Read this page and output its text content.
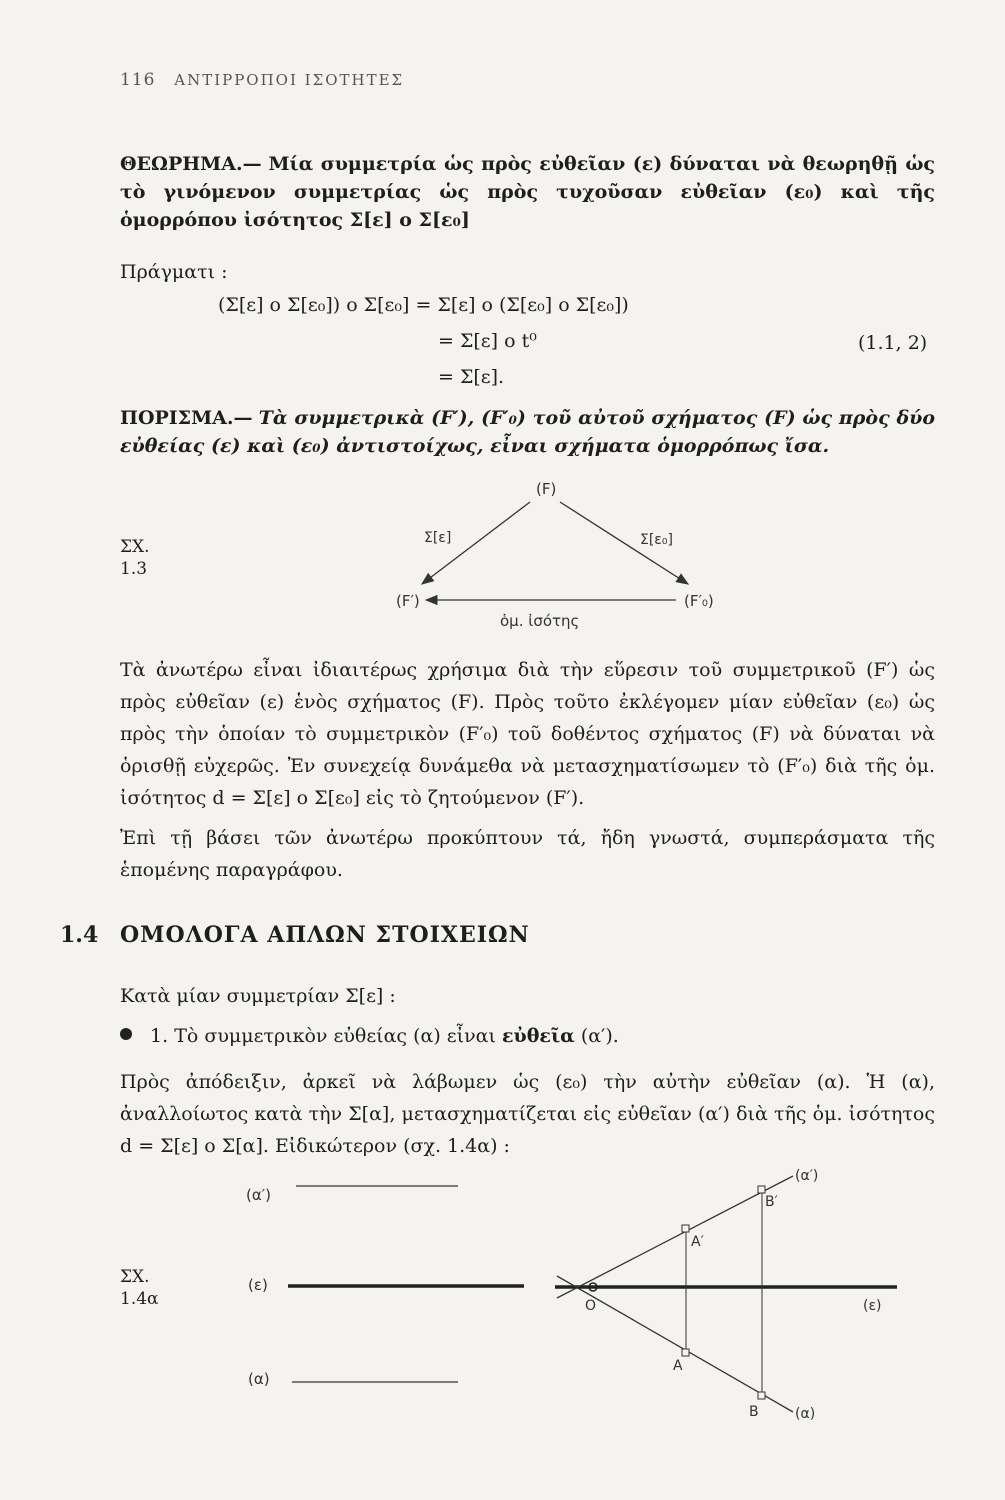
116 ΑΝΤΙΡΡΟΠΟΙ ΙΣΟΤΗΤΕΣ
ΘΕΩΡΗΜΑ.— Μία συμμετρία ὡς πρὸς εὐθεῖαν (ε) δύναται νὰ θεωρηθῇ ὡς τὸ γινόμενον συμμετρίας ὡς πρὸς τυχοῦσαν εὐθεῖαν (ε₀) καὶ τῆς ὁμορρόπου ἰσότητος Σ[ε] ο Σ[ε₀]
Πράγματι :
(Σ[ε] ο Σ[ε₀]) ο Σ[ε₀] = Σ[ε] ο (Σ[ε₀] ο Σ[ε₀])
= Σ[ε] ο t⁰
= Σ[ε].
(1.1, 2)
ΠΟΡΙΣΜΑ.— Τὰ συμμετρικὰ (F′), (F′₀) τοῦ αὐτοῦ σχήματος (F) ὡς πρὸς δύο εὐθείας (ε) καὶ (ε₀) ἀντιστοίχως, εἶναι σχήματα ὁμορρόπως ἴσα.
ΣΧ.
1.3
(F)
Σ[ε]	Σ[ε₀]
(F′)	(F′₀)
ὁμ. ἰσότης
Τὰ ἀνωτέρω εἶναι ἰδιαιτέρως χρήσιμα διὰ τὴν εὕρεσιν τοῦ συμμετρικοῦ (F′) ὡς πρὸς εὐθεῖαν (ε) ἑνὸς σχήματος (F). Πρὸς τοῦτο ἐκλέγομεν μίαν εὐθεῖαν (ε₀) ὡς πρὸς τὴν ὁποίαν τὸ συμμετρικὸν (F′₀) τοῦ δοθέντος σχήματος (F) νὰ δύναται νὰ ὁρισθῇ εὐχερῶς. Ἐν συνεχείᾳ δυνάμεθα νὰ μετασχηματίσωμεν τὸ (F′₀) διὰ τῆς ὁμ. ἰσότητος d = Σ[ε] ο Σ[ε₀] εἰς τὸ ζητούμενον (F′).
Ἐπὶ τῇ βάσει τῶν ἀνωτέρω προκύπτουν τά, ἤδη γνωστά, συμπεράσματα τῆς ἑπομένης παραγράφου.
1.4 ΟΜΟΛΟΓΑ ΑΠΛΩΝ ΣΤΟΙΧΕΙΩΝ
Κατὰ μίαν συμμετρίαν Σ[ε] :
1. Τὸ συμμετρικὸν εὐθείας (α) εἶναι εὐθεῖα (α′).
Πρὸς ἀπόδειξιν, ἀρκεῖ νὰ λάβωμεν ὡς (ε₀) τὴν αὐτὴν εὐθεῖαν (α). Ἡ (α), ἀναλλοίωτος κατὰ τὴν Σ[α], μετασχηματίζεται εἰς εὐθεῖαν (α′) διὰ τῆς ὁμ. ἰσότητος d = Σ[ε] ο Σ[α]. Εἰδικώτερον (σχ. 1.4α) :
ΣΧ.
1.4α
(α′)
(ε)
(α)
(α′)
B′
A′
O	(ε)
A
B	(α)
